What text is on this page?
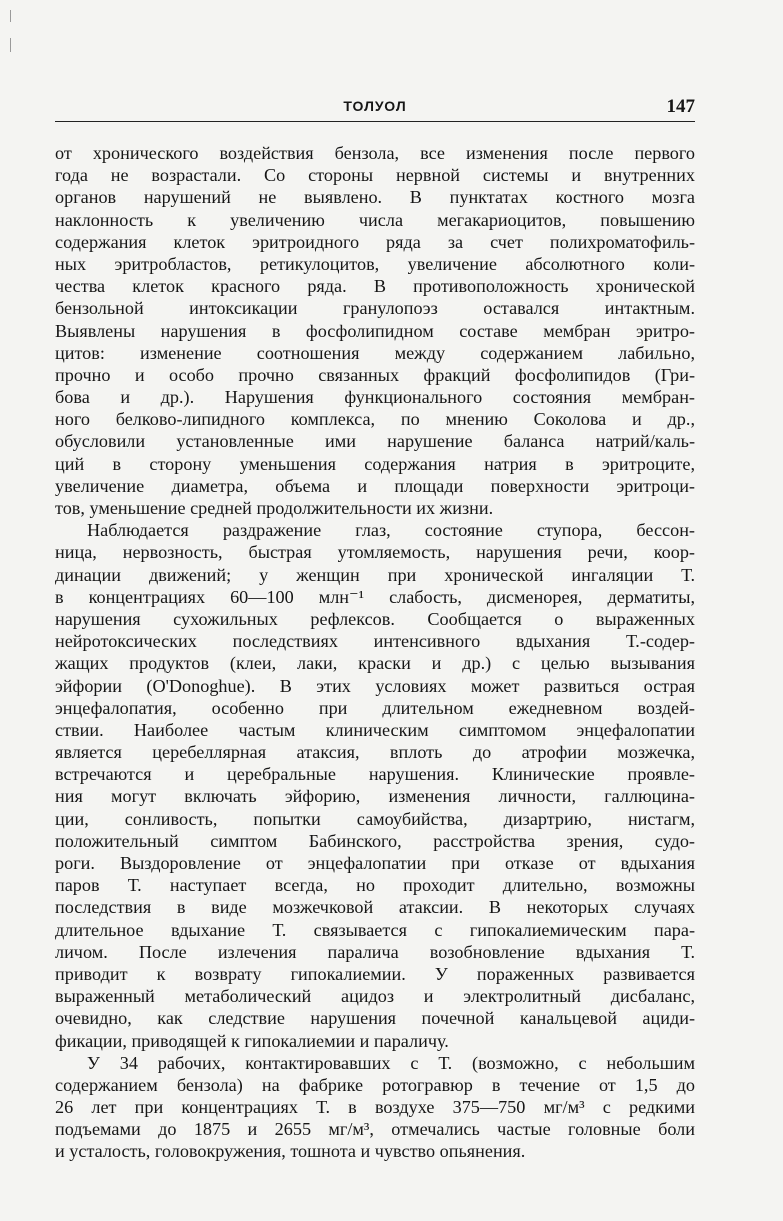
ТОЛУОЛ	147
от хронического воздействия бензола, все изменения после первого
года не возрастали. Со стороны нервной системы и внутренних
органов нарушений не выявлено. В пунктатах костного мозга
наклонность к увеличению числа мегакариоцитов, повышению
содержания клеток эритроидного ряда за счет полихроматофиль-
ных эритробластов, ретикулоцитов, увеличение абсолютного коли-
чества клеток красного ряда. В противоположность хронической
бензольной интоксикации гранулопоэз оставался интактным.
Выявлены нарушения в фосфолипидном составе мембран эритро-
цитов: изменение соотношения между содержанием лабильно,
прочно и особо прочно связанных фракций фосфолипидов (Гри-
бова и др.). Нарушения функционального состояния мембран-
ного белково-липидного комплекса, по мнению Соколова и др.,
обусловили установленные ими нарушение баланса натрий/каль-
ций в сторону уменьшения содержания натрия в эритроците,
увеличение диаметра, объема и площади поверхности эритроци-
тов, уменьшение средней продолжительности их жизни.
Наблюдается раздражение глаз, состояние ступора, бессон-
ница, нервозность, быстрая утомляемость, нарушения речи, коор-
динации движений; у женщин при хронической ингаляции Т.
в концентрациях 60—100 млн⁻¹ слабость, дисменорея, дерматиты,
нарушения сухожильных рефлексов. Сообщается о выраженных
нейротоксических последствиях интенсивного вдыхания Т.-содер-
жащих продуктов (клеи, лаки, краски и др.) с целью вызывания
эйфории (O'Donoghue). В этих условиях может развиться острая
энцефалопатия, особенно при длительном ежедневном воздей-
ствии. Наиболее частым клиническим симптомом энцефалопатии
является церебеллярная атаксия, вплоть до атрофии мозжечка,
встречаются и церебральные нарушения. Клинические проявле-
ния могут включать эйфорию, изменения личности, галлюцина-
ции, сонливость, попытки самоубийства, дизартрию, нистагм,
положительный симптом Бабинского, расстройства зрения, судо-
роги. Выздоровление от энцефалопатии при отказе от вдыхания
паров Т. наступает всегда, но проходит длительно, возможны
последствия в виде мозжечковой атаксии. В некоторых случаях
длительное вдыхание Т. связывается с гипокалиемическим пара-
личом. После излечения паралича возобновление вдыхания Т.
приводит к возврату гипокалиемии. У пораженных развивается
выраженный метаболический ацидоз и электролитный дисбаланс,
очевидно, как следствие нарушения почечной канальцевой ациди-
фикации, приводящей к гипокалиемии и параличу.
У 34 рабочих, контактировавших с Т. (возможно, с небольшим
содержанием бензола) на фабрике ротогравюр в течение от 1,5 до
26 лет при концентрациях Т. в воздухе 375—750 мг/м³ с редкими
подъемами до 1875 и 2655 мг/м³, отмечались частые головные боли
и усталость, головокружения, тошнота и чувство опьянения.
